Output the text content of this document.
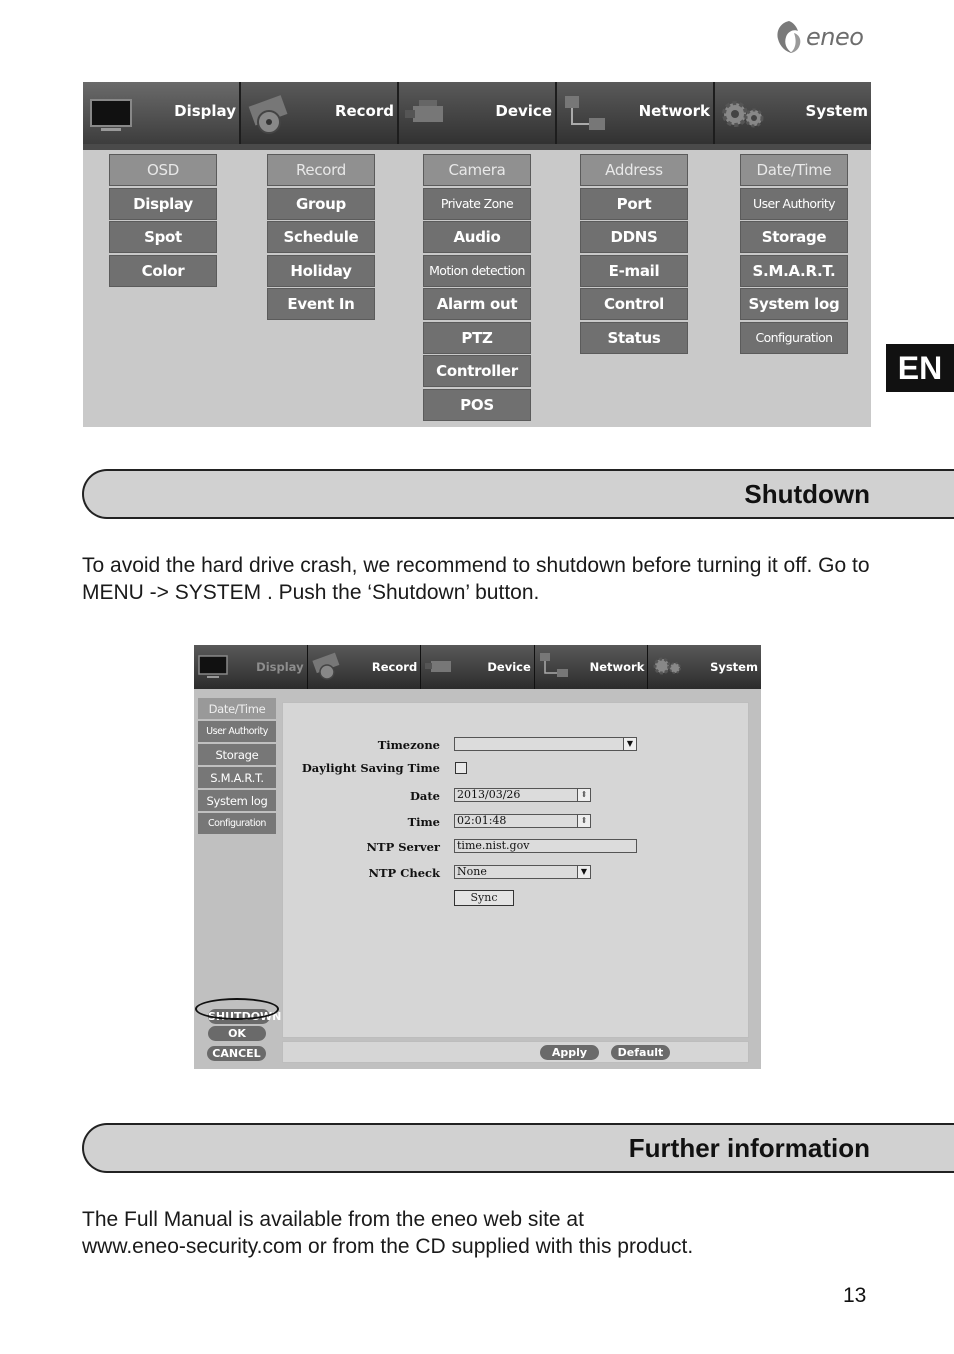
eneo
Display	Record	Device	Network	System
OSD
Display
Spot
Color
Record
Group
Schedule
Holiday
Event In
Camera
Private Zone
Audio
Motion detection
Alarm out
PTZ
Controller
POS
Address
Port
DDNS
E-mail
Control
Status
Date/Time
User Authority
Storage
S.M.A.R.T.
System log
Configuration
EN
Shutdown
To avoid the hard drive crash, we recommend to shutdown before turning it off. Go to MENU -> SYSTEM . Push the ‘Shutdown’ button.
Display	Record	Device	Network	System
Date/Time
User Authority
Storage
S.M.A.R.T.
System log
Configuration
Timezone	▼
Daylight Saving Time
Date 2013/03/26	⇕
Time 02:01:48	⇕
NTP Server time.nist.gov
NTP Check None	▼
Sync
SHUTDOWN
OK
CANCEL	Apply	Default
Further information
The Full Manual is available from the eneo web site at
www.eneo-security.com or from the CD supplied with this product.
13
